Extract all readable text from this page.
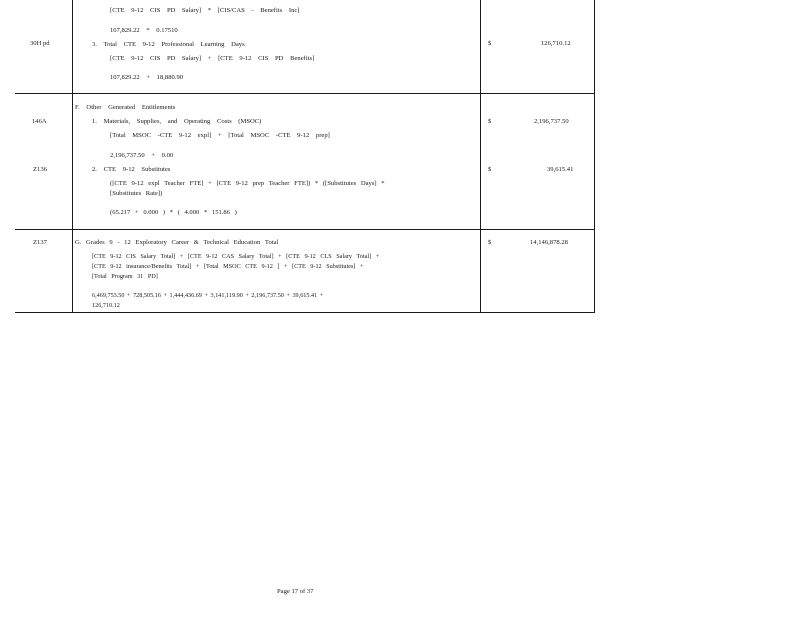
[CTE 9-12 CIS PD Salary] * [CIS/CAS - Benefits Inc]
30H pd
107,829.22 * 0.17510
3. Total CTE 9-12 Professional Learning Days
[CTE 9-12 CIS PD Salary] + [CTE 9-12 CIS PD Benefits]
107,829.22 + 18,880.90
$	126,710.12
F. Other Generated Entitlements
146A	1. Materials, Supplies, and Operating Costs (MSOC)
[Total MSOC -CTE 9-12 expl] + [Total MSOC -CTE 9-12 prep]
2,196,737.50 + 0.00
$	2,196,737.50
Z136	2. CTE 9-12 Substitutes
([CTE 9-12 expl Teacher FTE] + [CTE 9-12 prep Teacher FTE]) * ([Substitutes Days] *
[Substitutes Rate])
(65.217 + 0.000 ) * ( 4.000 * 151.86 )
$	39,615.41
Z137	G. Grades 9 - 12 Exploratory Career & Technical Education Total
[CTE 9-12 CIS Salary Total] + [CTE 9-12 CAS Salary Total] + [CTE 9-12 CLS Salary Total] +
[CTE 9-12 insurance/Benefits Total] + [Total MSOC CTE 9-12 ] + [CTE 9-12 Substitutes] +
[Total Program 31 PD]
6,469,753.50 + 728,505.16 + 1,444,436.69 + 3,141,119.90 + 2,196,737.50 + 39,615.41 +
126,710.12
$	14,146,878.28
Page 17 of 37
